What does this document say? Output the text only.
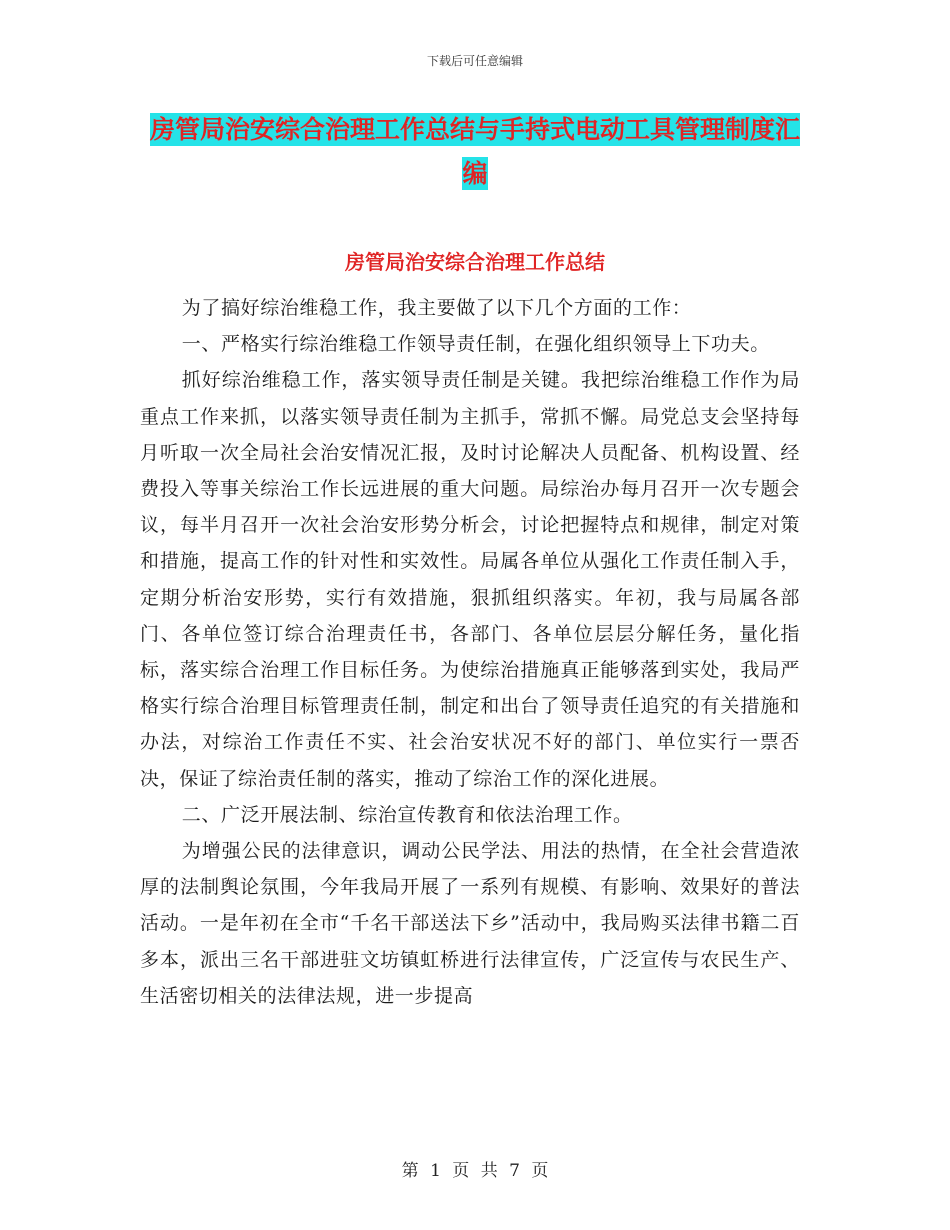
下载后可任意编辑
房管局治安综合治理工作总结与手持式电动工具管理制度汇编
房管局治安综合治理工作总结

为了搞好综治维稳工作，我主要做了以下几个方面的工作：

一、严格实行综治维稳工作领导责任制，在强化组织领导上下功夫。

抓好综治维稳工作，落实领导责任制是关键。我把综治维稳工作作为局重点工作来抓，以落实领导责任制为主抓手，常抓不懈。局党总支会坚持每月听取一次全局社会治安情况汇报，及时讨论解决人员配备、机构设置、经费投入等事关综治工作长远进展的重大问题。局综治办每月召开一次专题会议，每半月召开一次社会治安形势分析会，讨论把握特点和规律，制定对策和措施，提高工作的针对性和实效性。局属各单位从强化工作责任制入手，定期分析治安形势，实行有效措施，狠抓组织落实。年初，我与局属各部门、各单位签订综合治理责任书，各部门、各单位层层分解任务，量化指标，落实综合治理工作目标任务。为使综治措施真正能够落到实处，我局严格实行综合治理目标管理责任制，制定和出台了领导责任追究的有关措施和办法，对综治工作责任不实、社会治安状况不好的部门、单位实行一票否决，保证了综治责任制的落实，推动了综治工作的深化进展。

二、广泛开展法制、综治宣传教育和依法治理工作。

为增强公民的法律意识，调动公民学法、用法的热情，在全社会营造浓厚的法制舆论氛围，今年我局开展了一系列有规模、有影响、效果好的普法活动。一是年初在全市“千名干部送法下乡”活动中，我局购买法律书籍二百多本，派出三名干部进驻文坊镇虹桥进行法律宣传，广泛宣传与农民生产、生活密切相关的法律法规，进一步提高

第 1 页 共 7 页
